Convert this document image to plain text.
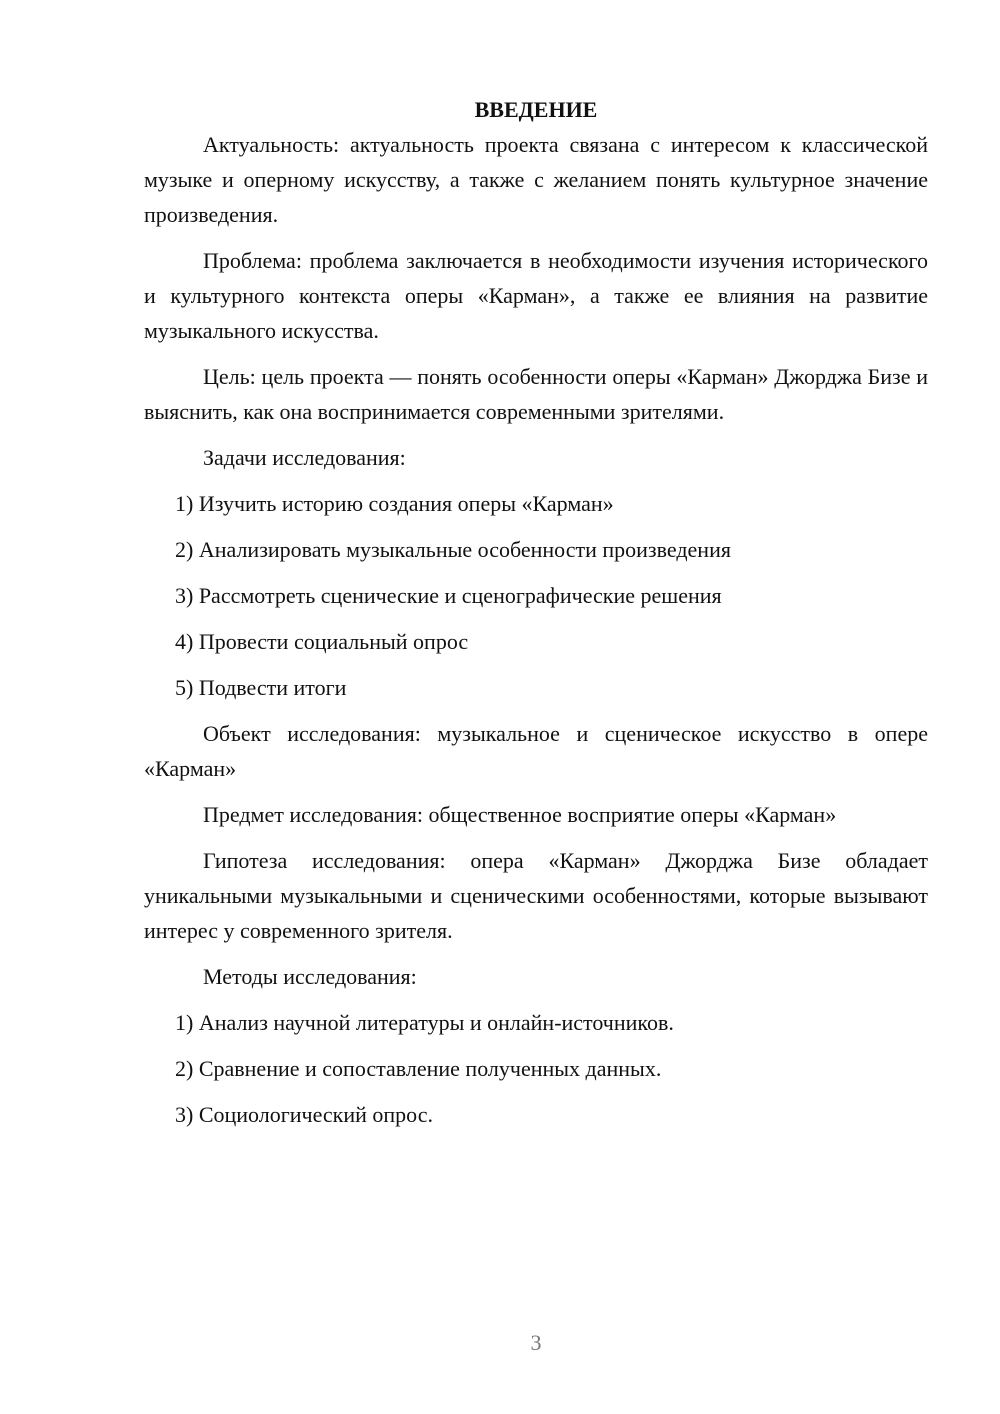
ВВЕДЕНИЕ

Актуальность: актуальность проекта связана с интересом к классической музыке и оперному искусству, а также с желанием понять культурное значение произведения.

Проблема: проблема заключается в необходимости изучения исторического и культурного контекста оперы «Карман», а также ее влияния на развитие музыкального искусства.

Цель: цель проекта — понять особенности оперы «Карман» Джорджа Бизе и выяснить, как она воспринимается современными зрителями.

Задачи исследования:

1) Изучить историю создания оперы «Карман»
2) Анализировать музыкальные особенности произведения
3) Рассмотреть сценические и сценографические решения
4) Провести социальный опрос
5) Подвести итоги

Объект исследования: музыкальное и сценическое искусство в опере «Карман»

Предмет исследования: общественное восприятие оперы «Карман»

Гипотеза исследования: опера «Карман» Джорджа Бизе обладает уникальными музыкальными и сценическими особенностями, которые вызывают интерес у современного зрителя.

Методы исследования:

1) Анализ научной литературы и онлайн-источников.
2) Сравнение и сопоставление полученных данных.
3) Социологический опрос.
3
